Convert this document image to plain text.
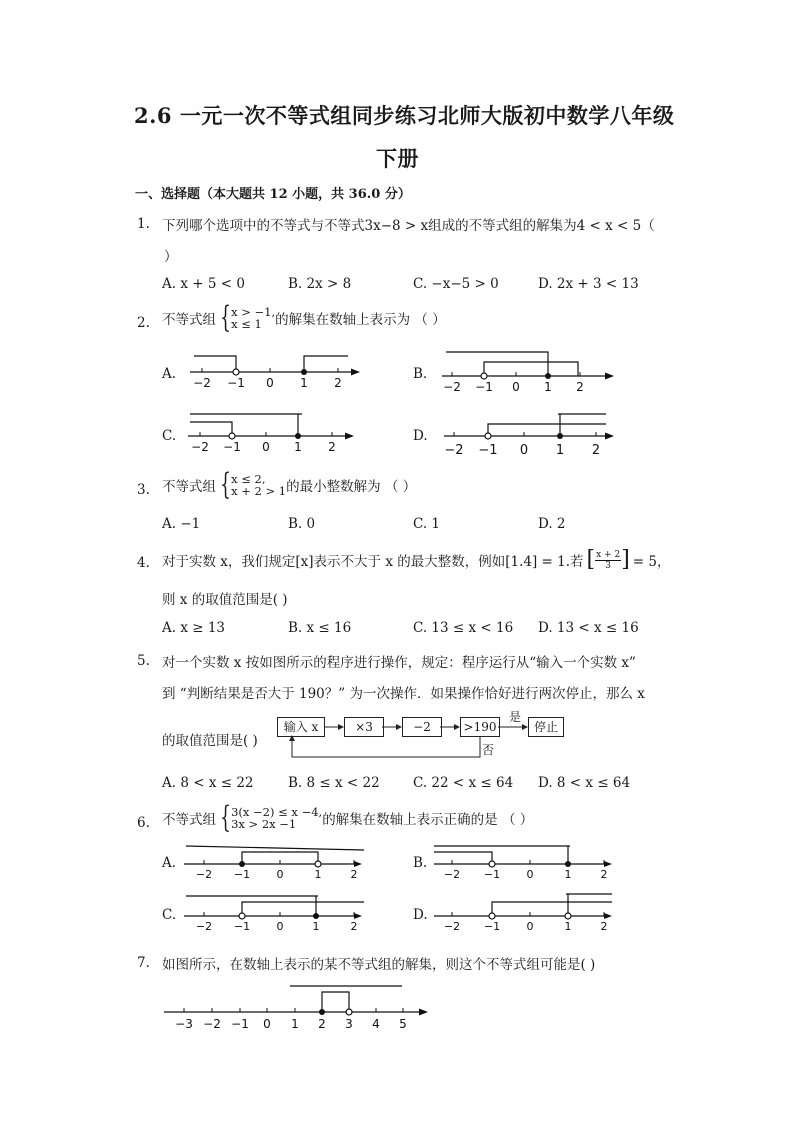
2.6 一元一次不等式组同步练习北师大版初中数学八年级
下册
一、选择题（本大题共 12 小题，共 36.0 分）
1. 下列哪个选项中的不等式与不等式3x−8 > x组成的不等式组的解集为4 < x < 5（
）
A. x + 5 < 0	B. 2x > 8	C. −x−5 > 0	D. 2x + 3 < 13
2. 不等式组 { x > −1,
x ≤ 1 的解集在数轴上表示为 （ ）
A.
−2 −1 0 1 2
B.
−2 −1 0 1 2
C.
−2 −1 0 1 2
D.
−2 −1 0 1 2
3. 不等式组 { x ≤ 2,
x + 2 > 1 的最小整数解为 （ ）
A. −1	B. 0	C. 1	D. 2
4. 对于实数 x，我们规定[x]表示不大于 x 的最大整数，例如[1.4] = 1.若 [ $\frac{x + 2}{3}$ ] = 5，
则 x 的取值范围是( )
A. x ≥ 13	B. x ≤ 16	C. 13 ≤ x < 16 D. 13 < x ≤ 16
5. 对一个实数 x 按如图所示的程序进行操作，规定：程序运行从“输入一个实数 x”
到 “判断结果是否大于 190？” 为一次操作．如果操作恰好进行两次停止，那么 x
的取值范围是( )
输入 x	×3	−2	>190	停止
是
否
A. 8 < x ≤ 22	B. 8 ≤ x < 22 C. 22 < x ≤ 64 D. 8 < x ≤ 64
6. 不等式组 { 3(x −2) ≤ x −4,
3x > 2x −1	的解集在数轴上表示正确的是 （ ）
A.
−2 −1 0	1	2
B.
−2 −1 0	1	2
C.
−2 −1 0	1	2
D.
−2 −1 0	1	2
7. 如图所示，在数轴上表示的某不等式组的解集，则这个不等式组可能是( )
−3 −2 −1 0 1 2 3 4 5
